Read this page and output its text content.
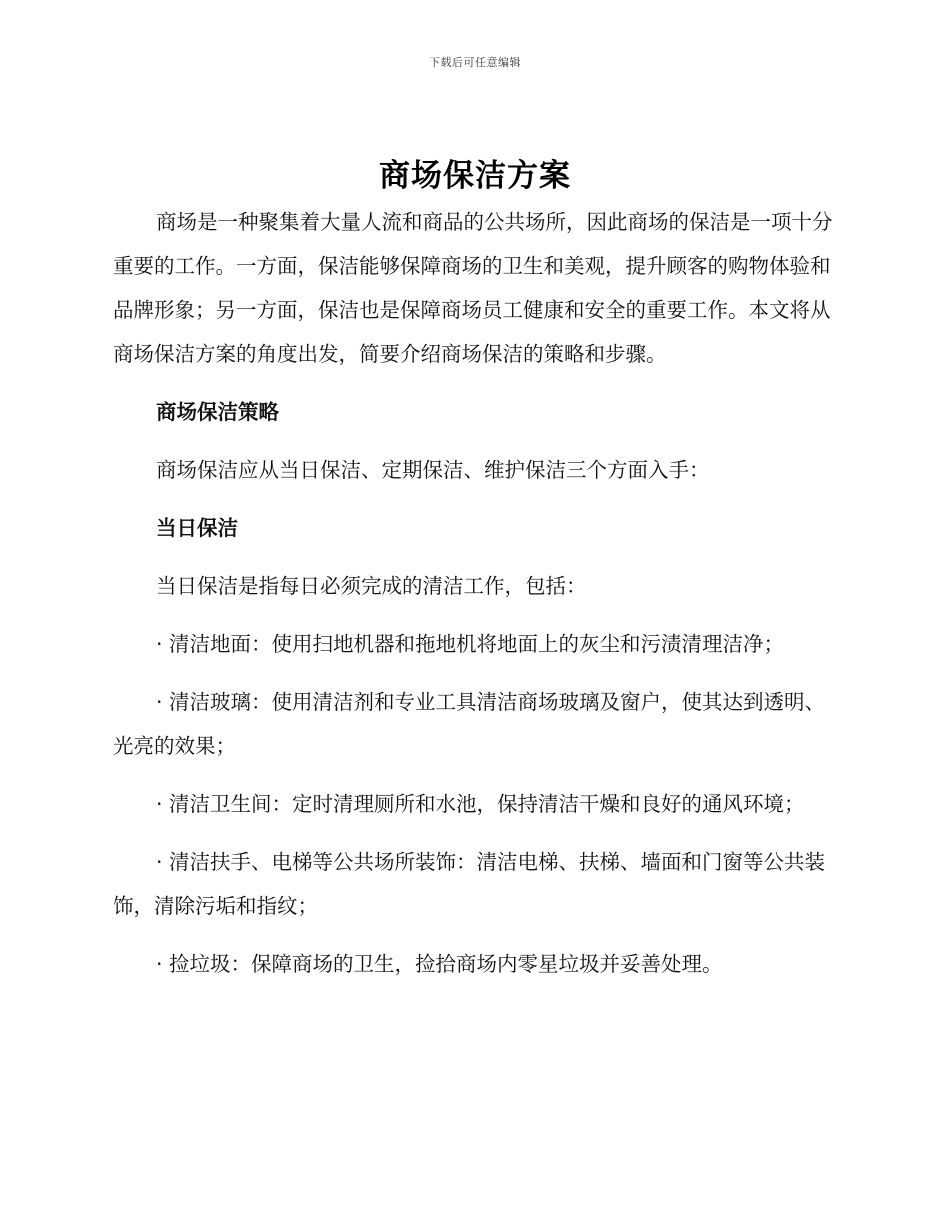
下载后可任意编辑
商场保洁方案

商场是一种聚集着大量人流和商品的公共场所，因此商场的保洁是一项十分重要的工作。一方面，保洁能够保障商场的卫生和美观，提升顾客的购物体验和品牌形象；另一方面，保洁也是保障商场员工健康和安全的重要工作。本文将从商场保洁方案的角度出发，简要介绍商场保洁的策略和步骤。

商场保洁策略

商场保洁应从当日保洁、定期保洁、维护保洁三个方面入手：

当日保洁

当日保洁是指每日必须完成的清洁工作，包括：

· 清洁地面：使用扫地机器和拖地机将地面上的灰尘和污渍清理洁净；

· 清洁玻璃：使用清洁剂和专业工具清洁商场玻璃及窗户，使其达到透明、光亮的效果；

· 清洁卫生间：定时清理厕所和水池，保持清洁干燥和良好的通风环境；

· 清洁扶手、电梯等公共场所装饰：清洁电梯、扶梯、墙面和门窗等公共装饰，清除污垢和指纹；

· 捡垃圾：保障商场的卫生，捡拾商场内零星垃圾并妥善处理。
